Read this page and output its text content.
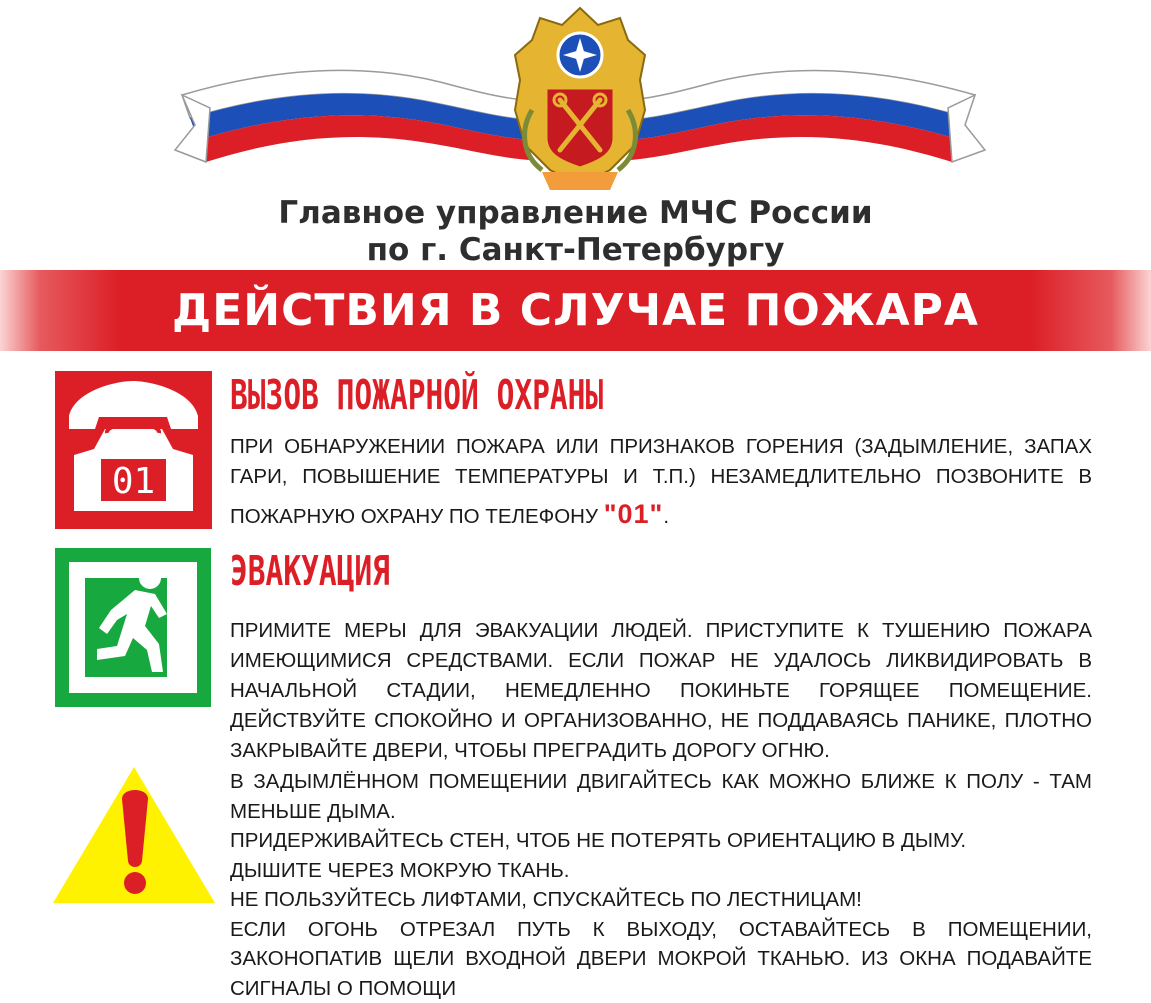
Главное управление МЧС России
по г. Санкт-Петербургу
ДЕЙСТВИЯ В СЛУЧАЕ ПОЖАРА
01
ВЫЗОВ ПОЖАРНОЙ ОХРАНЫ
ПРИ ОБНАРУЖЕНИИ ПОЖАРА ИЛИ ПРИЗНАКОВ ГОРЕНИЯ (ЗАДЫМЛЕНИЕ, ЗАПАХ
ГАРИ, ПОВЫШЕНИЕ ТЕМПЕРАТУРЫ И Т.П.) НЕЗАМЕДЛИТЕЛЬНО ПОЗВОНИТЕ В
ПОЖАРНУЮ ОХРАНУ ПО ТЕЛЕФОНУ "01".
ЭВАКУАЦИЯ
ПРИМИТЕ МЕРЫ ДЛЯ ЭВАКУАЦИИ ЛЮДЕЙ. ПРИСТУПИТЕ К ТУШЕНИЮ ПОЖАРА
ИМЕЮЩИМИСЯ СРЕДСТВАМИ. ЕСЛИ ПОЖАР НЕ УДАЛОСЬ ЛИКВИДИРОВАТЬ В
НАЧАЛЬНОЙ СТАДИИ, НЕМЕДЛЕННО ПОКИНЬТЕ ГОРЯЩЕЕ ПОМЕЩЕНИЕ.
ДЕЙСТВУЙТЕ СПОКОЙНО И ОРГАНИЗОВАННО, НЕ ПОДДАВАЯСЬ ПАНИКЕ, ПЛОТНО
ЗАКРЫВАЙТЕ ДВЕРИ, ЧТОБЫ ПРЕГРАДИТЬ ДОРОГУ ОГНЮ.
В ЗАДЫМЛЁННОМ ПОМЕЩЕНИИ ДВИГАЙТЕСЬ КАК МОЖНО БЛИЖЕ К ПОЛУ - ТАМ
МЕНЬШЕ ДЫМА.
ПРИДЕРЖИВАЙТЕСЬ СТЕН, ЧТОБ НЕ ПОТЕРЯТЬ ОРИЕНТАЦИЮ В ДЫМУ.
ДЫШИТЕ ЧЕРЕЗ МОКРУЮ ТКАНЬ.
НЕ ПОЛЬЗУЙТЕСЬ ЛИФТАМИ, СПУСКАЙТЕСЬ ПО ЛЕСТНИЦАМ!
ЕСЛИ ОГОНЬ ОТРЕЗАЛ ПУТЬ К ВЫХОДУ, ОСТАВАЙТЕСЬ В ПОМЕЩЕНИИ,
ЗАКОНОПАТИВ ЩЕЛИ ВХОДНОЙ ДВЕРИ МОКРОЙ ТКАНЬЮ. ИЗ ОКНА ПОДАВАЙТЕ
СИГНАЛЫ О ПОМОЩИ
